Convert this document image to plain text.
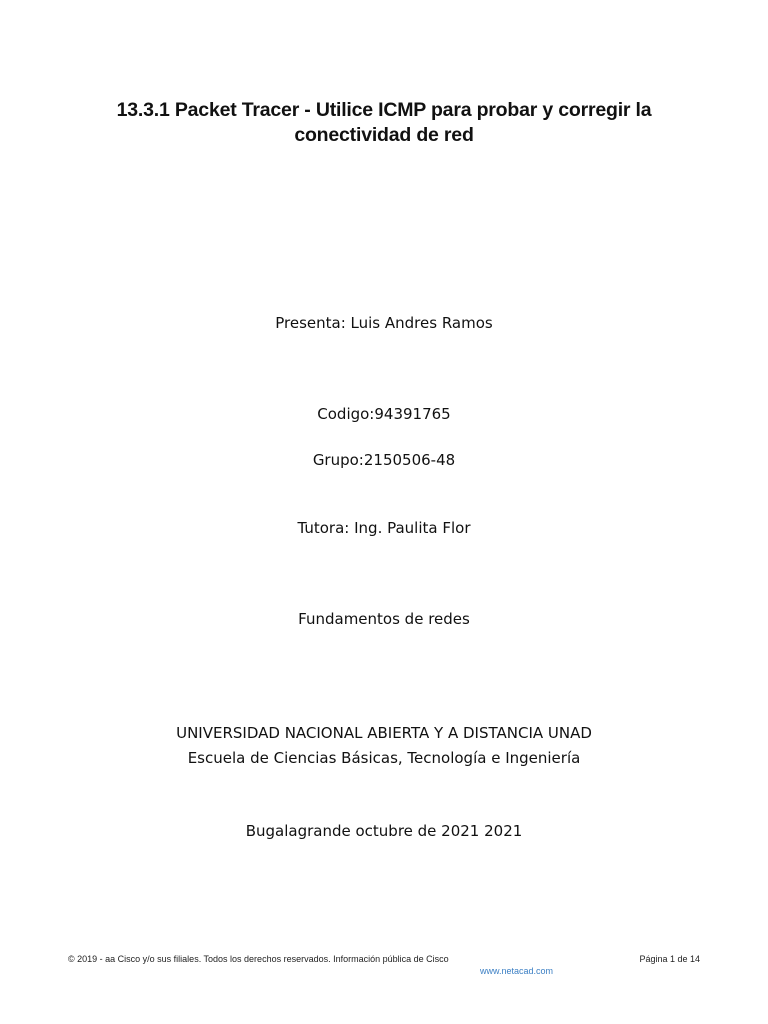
13.3.1 Packet Tracer - Utilice ICMP para probar y corregir la
conectividad de red
Presenta: Luis Andres Ramos
Codigo:94391765
Grupo:2150506-48
Tutora: Ing. Paulita Flor
Fundamentos de redes
UNIVERSIDAD NACIONAL ABIERTA Y A DISTANCIA UNAD
Escuela de Ciencias Básicas, Tecnología e Ingeniería
Bugalagrande octubre de 2021 2021
© 2019 - aa Cisco y/o sus filiales. Todos los derechos reservados. Información pública de Cisco	Página 1 de 14
www.netacad.com
